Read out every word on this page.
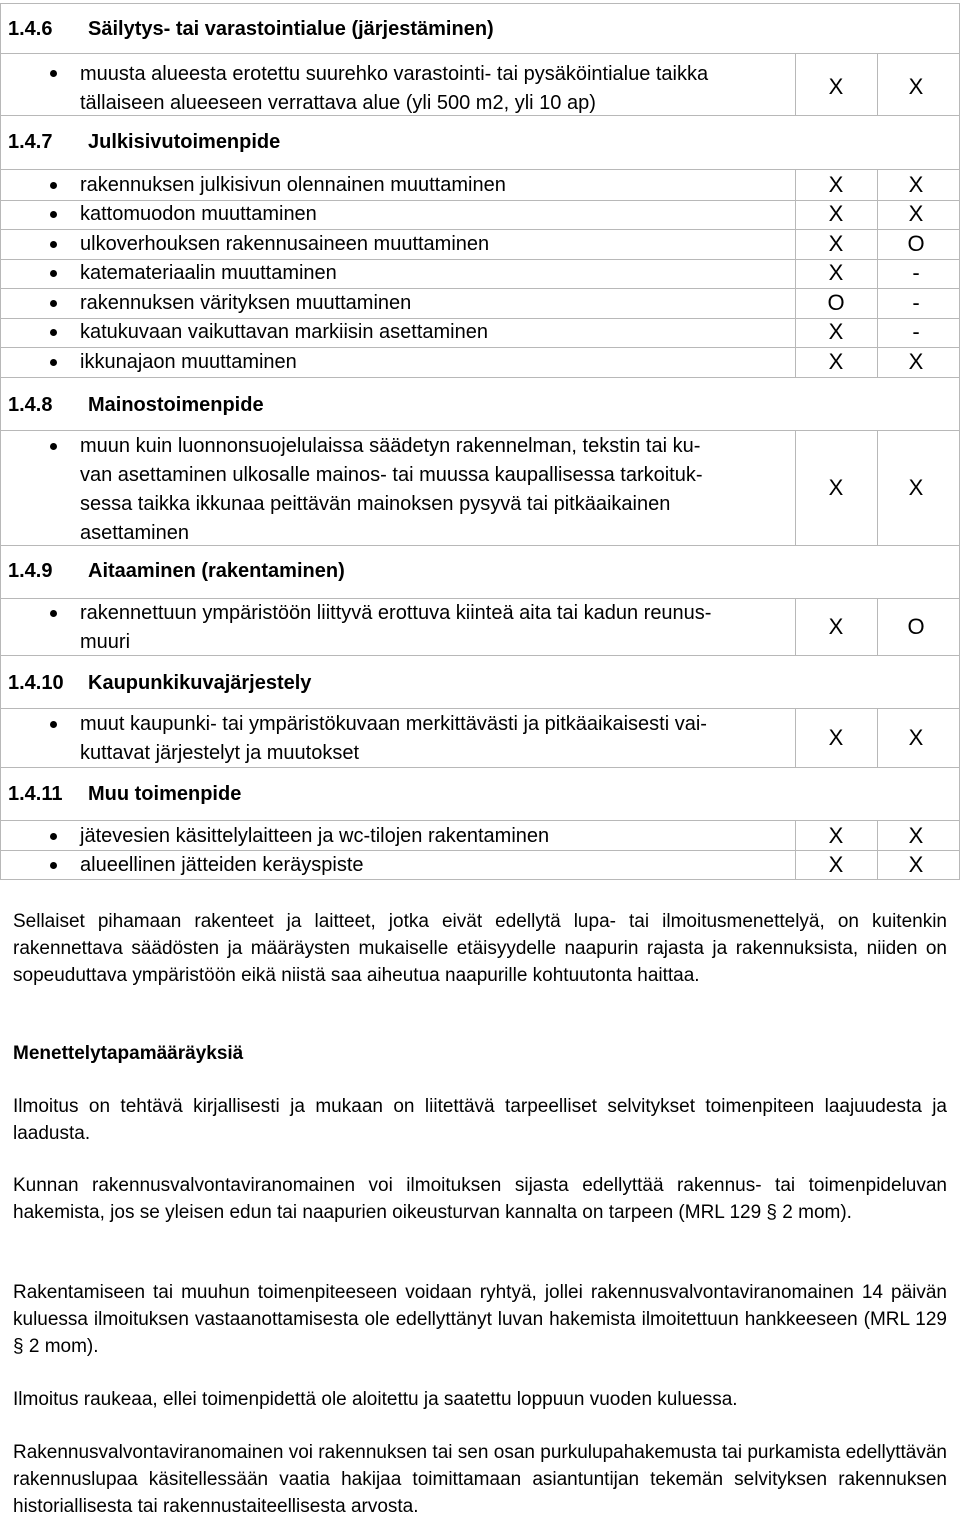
1.4.6 Säilytys- tai varastointialue (järjestäminen)
muusta alueesta erotettu suurehko varastointi- tai pysäköintialue taikka
tällaiseen alueeseen verrattava alue (yli 500 m2, yli 10 ap)
X	X
1.4.7 Julkisivutoimenpide
rakennuksen julkisivun olennainen muuttaminen	X	X
kattomuodon muuttaminen	X	X
ulkoverhouksen rakennusaineen muuttaminen	X	O
katemateriaalin muuttaminen	X	-
rakennuksen värityksen muuttaminen	O	-
katukuvaan vaikuttavan markiisin asettaminen	X	-
ikkunajaon muuttaminen	X	X
1.4.8 Mainostoimenpide
muun kuin luonnonsuojelulaissa säädetyn rakennelman, tekstin tai ku-
van asettaminen ulkosalle mainos- tai muussa kaupallisessa tarkoituk-
sessa taikka ikkunaa peittävän mainoksen pysyvä tai pitkäaikainen
asettaminen
X	X
1.4.9 Aitaaminen (rakentaminen)
rakennettuun ympäristöön liittyvä erottuva kiinteä aita tai kadun reunus-
muuri
X	O
1.4.10 Kaupunkikuvajärjestely
muut kaupunki- tai ympäristökuvaan merkittävästi ja pitkäaikaisesti vai-
kuttavat järjestelyt ja muutokset
X	X
1.4.11 Muu toimenpide
jätevesien käsittelylaitteen ja wc-tilojen rakentaminen	X	X
alueellinen jätteiden keräyspiste	X	X
Sellaiset pihamaan rakenteet ja laitteet, jotka eivät edellytä lupa- tai ilmoitusmenettelyä, on kuitenkin rakennettava säädösten ja määräysten mukaiselle etäisyydelle naapurin rajasta ja rakennuksista, niiden on sopeuduttava ympäristöön eikä niistä saa aiheutua naapurille kohtuutonta haittaa.
Menettelytapamääräyksiä
Ilmoitus on tehtävä kirjallisesti ja mukaan on liitettävä tarpeelliset selvitykset toimenpiteen laajuudesta ja laadusta.
Kunnan rakennusvalvontaviranomainen voi ilmoituksen sijasta edellyttää rakennus- tai toimenpideluvan hakemista, jos se yleisen edun tai naapurien oikeusturvan kannalta on tarpeen (MRL 129 § 2 mom).
Rakentamiseen tai muuhun toimenpiteeseen voidaan ryhtyä, jollei rakennusvalvontaviranomainen 14 päivän kuluessa ilmoituksen vastaanottamisesta ole edellyttänyt luvan hakemista ilmoitettuun hankkeeseen (MRL 129 § 2 mom).
Ilmoitus raukeaa, ellei toimenpidettä ole aloitettu ja saatettu loppuun vuoden kuluessa.
Rakennusvalvontaviranomainen voi rakennuksen tai sen osan purkulupahakemusta tai purkamista edellyttävän rakennuslupaa käsitellessään vaatia hakijaa toimittamaan asiantuntijan tekemän selvityksen rakennuksen historiallisesta tai rakennustaiteellisesta arvosta.
